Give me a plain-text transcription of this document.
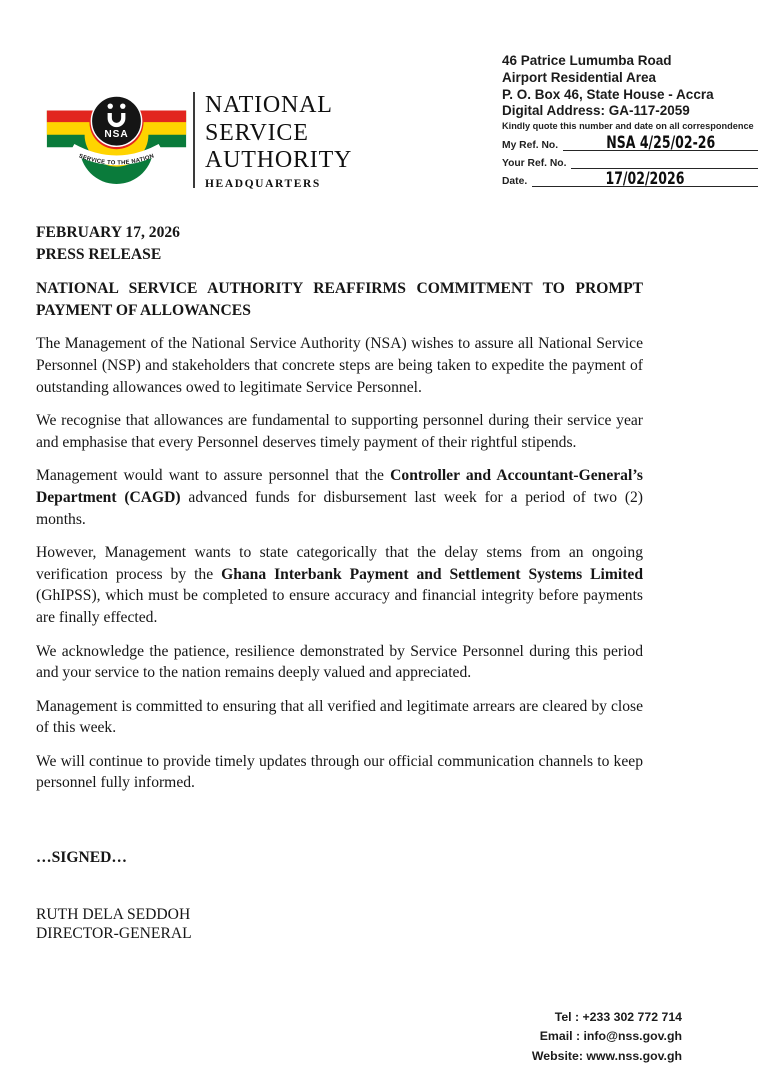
NSA
SERVICE TO THE NATION
NATIONAL
SERVICE
AUTHORITY
HEADQUARTERS
46 Patrice Lumumba Road
Airport Residential Area
P. O. Box 46, State House - Accra
Digital Address: GA-117-2059
Kindly quote this number and date on all correspondence
My Ref. No.	NSA 4/25/02-26
Your Ref. No.
Date.	17/02/2026
FEBRUARY 17, 2026
PRESS RELEASE
NATIONAL SERVICE AUTHORITY REAFFIRMS COMMITMENT TO PROMPT
PAYMENT OF ALLOWANCES

The Management of the National Service Authority (NSA) wishes to assure all National Service Personnel (NSP) and stakeholders that concrete steps are being taken to expedite the payment of outstanding allowances owed to legitimate Service Personnel.

We recognise that allowances are fundamental to supporting personnel during their service year and emphasise that every Personnel deserves timely payment of their rightful stipends.

Management would want to assure personnel that the Controller and Accountant-General’s Department (CAGD) advanced funds for disbursement last week for a period of two (2) months.

However, Management wants to state categorically that the delay stems from an ongoing verification process by the Ghana Interbank Payment and Settlement Systems Limited (GhIPSS), which must be completed to ensure accuracy and financial integrity before payments are finally effected.

We acknowledge the patience, resilience demonstrated by Service Personnel during this period and your service to the nation remains deeply valued and appreciated.

Management is committed to ensuring that all verified and legitimate arrears are cleared by close of this week.

We will continue to provide timely updates through our official communication channels to keep personnel fully informed.

…SIGNED…
RUTH DELA SEDDOH
DIRECTOR-GENERAL
Tel : +233 302 772 714
Email : info@nss.gov.gh
Website: www.nss.gov.gh
